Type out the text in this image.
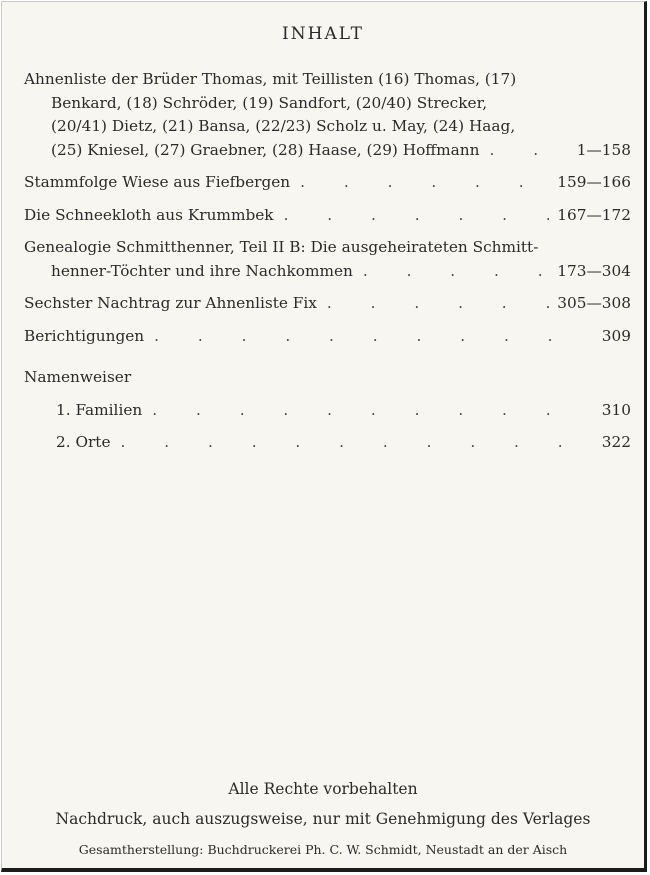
INHALT
Ahnenliste der Brüder Thomas, mit Teillisten (16) Thomas, (17)
Benkard, (18) Schröder, (19) Sandfort, (20/40) Strecker,
(20/41) Dietz, (21) Bansa, (22/23) Scholz u. May, (24) Haag,
(25) Kniesel, (27) Graebner, (28) Haase, (29) Hoffmann . . .	1—158
Stammfolge Wiese aus Fiefbergen . . .	159—166
Die Schneekloth aus Krummbek . . .	167—172
Genealogie Schmitthenner, Teil II B: Die ausgeheirateten Schmitt-
henner-Töchter und ihre Nachkommen . . .	173—304
Sechster Nachtrag zur Ahnenliste Fix . . .	305—308
Berichtigungen . . .	309
Namenweiser
1. Familien . . .	310
2. Orte . . .	322
Alle Rechte vorbehalten
Nachdruck, auch auszugsweise, nur mit Genehmigung des Verlages
Gesamtherstellung: Buchdruckerei Ph. C. W. Schmidt, Neustadt an der Aisch
